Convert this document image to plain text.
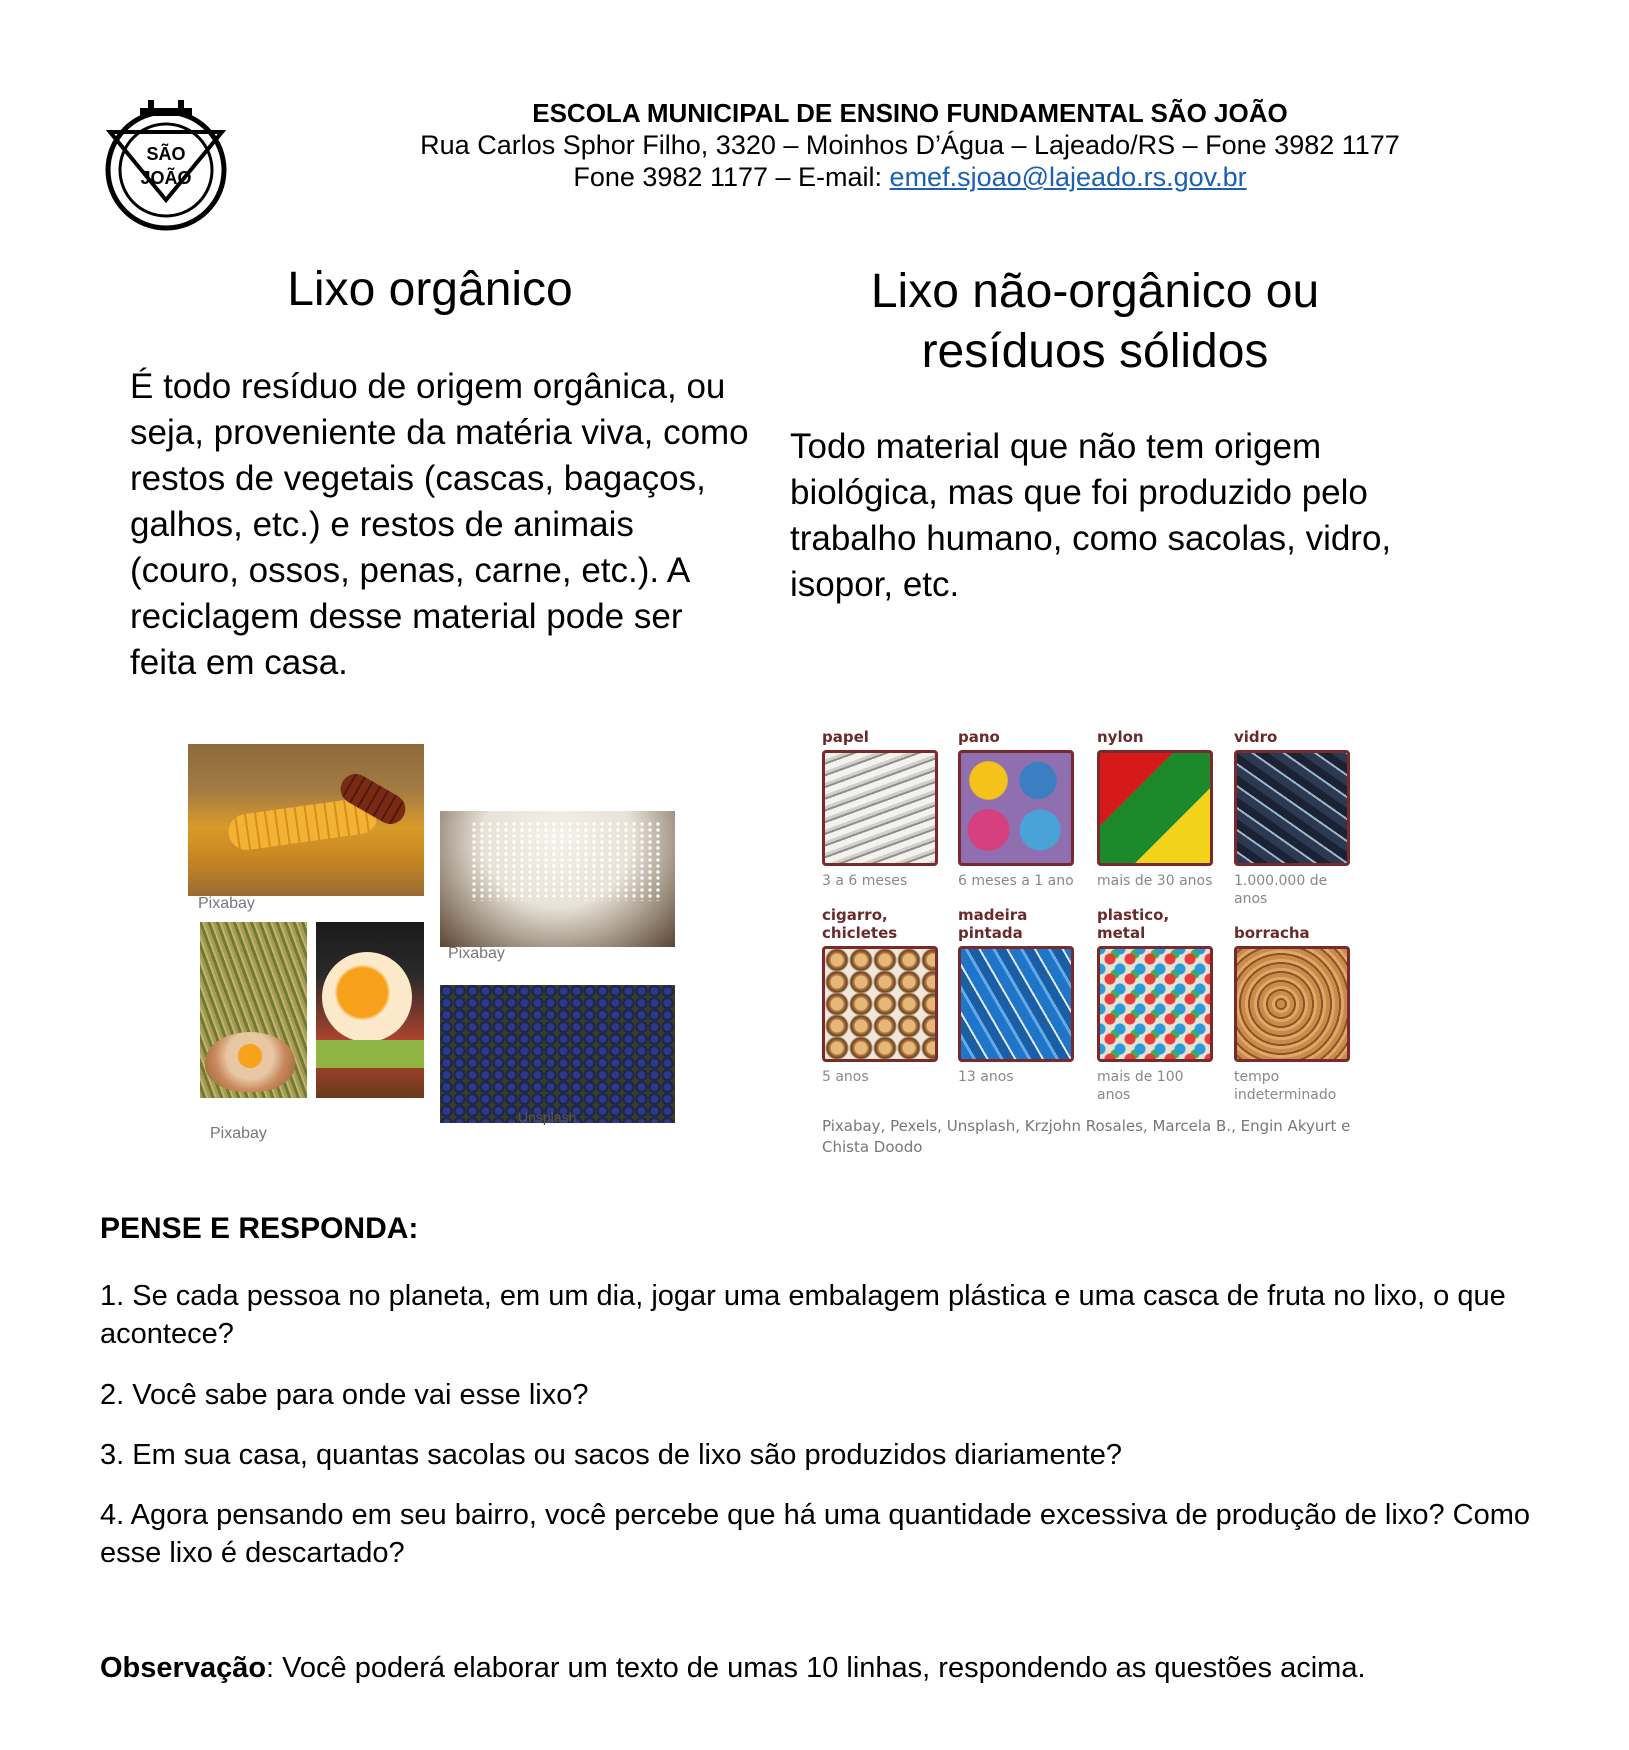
SÃO
JOÃO
ESCOLA MUNICIPAL DE ENSINO FUNDAMENTAL SÃO JOÃO
Rua Carlos Sphor Filho, 3320 – Moinhos D’Água – Lajeado/RS – Fone 3982 1177
Fone 3982 1177 – E-mail: emef.sjoao@lajeado.rs.gov.br
Lixo orgânico
É todo resíduo de origem orgânica, ou seja, proveniente da matéria viva, como restos de vegetais (cascas, bagaços, galhos, etc.) e restos de animais (couro, ossos, penas, carne, etc.). A reciclagem desse material pode ser feita em casa.
Pixabay
Pixabay
Pixabay
Unsplash
Lixo não-orgânico ou resíduos sólidos
Todo material que não tem origem biológica, mas que foi produzido pelo trabalho humano, como sacolas, vidro, isopor, etc.
papel
3 a 6 meses
pano
6 meses a 1 ano
nylon
mais de 30 anos
vidro
1.000.000 de anos
cigarro, chicletes
5 anos
madeira pintada
13 anos
plastico, metal
mais de 100 anos
borracha
tempo indeterminado
Pixabay, Pexels, Unsplash, Krzjohn Rosales, Marcela B., Engin Akyurt e Chista Doodo
PENSE E RESPONDA:
1. Se cada pessoa no planeta, em um dia, jogar uma embalagem plástica e uma casca de fruta no lixo, o que acontece?
2. Você sabe para onde vai esse lixo?
3. Em sua casa, quantas sacolas ou sacos de lixo são produzidos diariamente?
4. Agora pensando em seu bairro, você percebe que há uma quantidade excessiva de produção de lixo? Como esse lixo é descartado?
Observação: Você poderá elaborar um texto de umas 10 linhas, respondendo as questões acima.
